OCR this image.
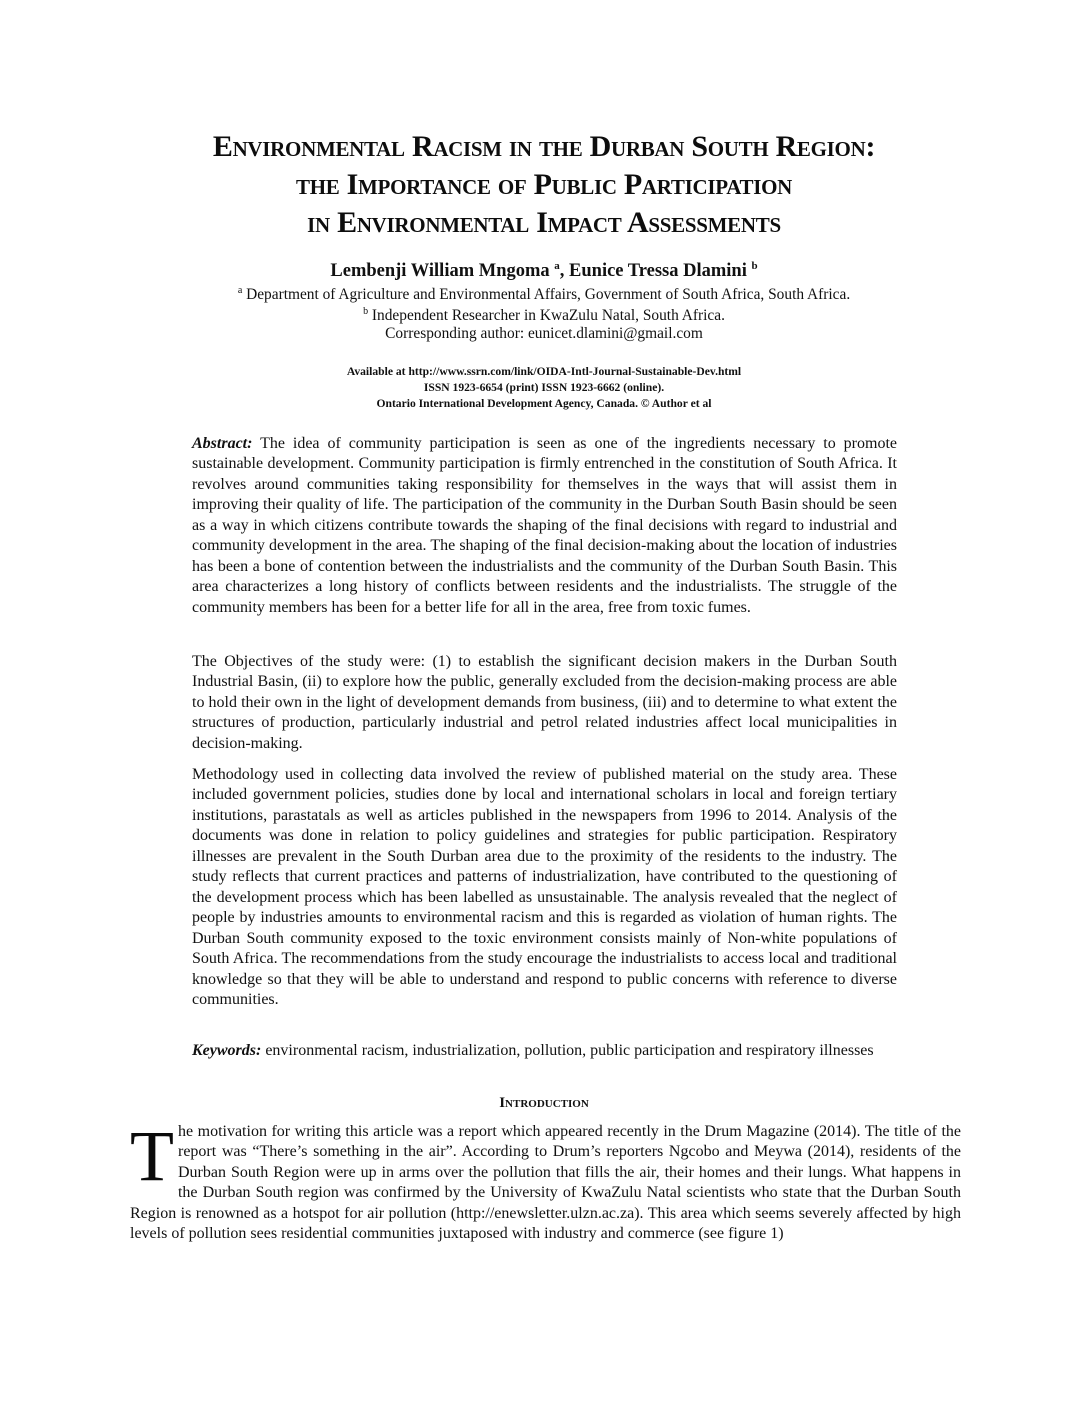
Environmental Racism in the Durban South Region:
the Importance of Public Participation
in Environmental Impact Assessments
Lembenji William Mngoma $^a$, Eunice Tressa Dlamini $^b$
$^a$ Department of Agriculture and Environmental Affairs, Government of South Africa, South Africa.
$^b$ Independent Researcher in KwaZulu Natal, South Africa.
Corresponding author: eunicet.dlamini@gmail.com
Available at http://www.ssrn.com/link/OIDA-Intl-Journal-Sustainable-Dev.html
ISSN 1923-6654 (print) ISSN 1923-6662 (online).
Ontario International Development Agency, Canada. © Author et al
Abstract: The idea of community participation is seen as one of the ingredients necessary to promote sustainable development. Community participation is firmly entrenched in the constitution of South Africa. It revolves around communities taking responsibility for themselves in the ways that will assist them in improving their quality of life. The participation of the community in the Durban South Basin should be seen as a way in which citizens contribute towards the shaping of the final decisions with regard to industrial and community development in the area. The shaping of the final decision-making about the location of industries has been a bone of contention between the industrialists and the community of the Durban South Basin. This area characterizes a long history of conflicts between residents and the industrialists. The struggle of the community members has been for a better life for all in the area, free from toxic fumes.
The Objectives of the study were: (1) to establish the significant decision makers in the Durban South Industrial Basin, (ii) to explore how the public, generally excluded from the decision-making process are able to hold their own in the light of development demands from business, (iii) and to determine to what extent the structures of production, particularly industrial and petrol related industries affect local municipalities in decision-making.
Methodology used in collecting data involved the review of published material on the study area. These included government policies, studies done by local and international scholars in local and foreign tertiary institutions, parastatals as well as articles published in the newspapers from 1996 to 2014. Analysis of the documents was done in relation to policy guidelines and strategies for public participation. Respiratory illnesses are prevalent in the South Durban area due to the proximity of the residents to the industry. The study reflects that current practices and patterns of industrialization, have contributed to the questioning of the development process which has been labelled as unsustainable. The analysis revealed that the neglect of people by industries amounts to environmental racism and this is regarded as violation of human rights. The Durban South community exposed to the toxic environment consists mainly of Non-white populations of South Africa. The recommendations from the study encourage the industrialists to access local and traditional knowledge so that they will be able to understand and respond to public concerns with reference to diverse communities.
Keywords: environmental racism, industrialization, pollution, public participation and respiratory illnesses
Introduction
The motivation for writing this article was a report which appeared recently in the Drum Magazine (2014). The title of the report was “There’s something in the air”. According to Drum’s reporters Ngcobo and Meywa (2014), residents of the Durban South Region were up in arms over the pollution that fills the air, their homes and their lungs. What happens in the Durban South region was confirmed by the University of KwaZulu Natal scientists who state that the Durban South Region is renowned as a hotspot for air pollution (http://enewsletter.ulzn.ac.za). This area which seems severely affected by high levels of pollution sees residential communities juxtaposed with industry and commerce (see figure 1)
